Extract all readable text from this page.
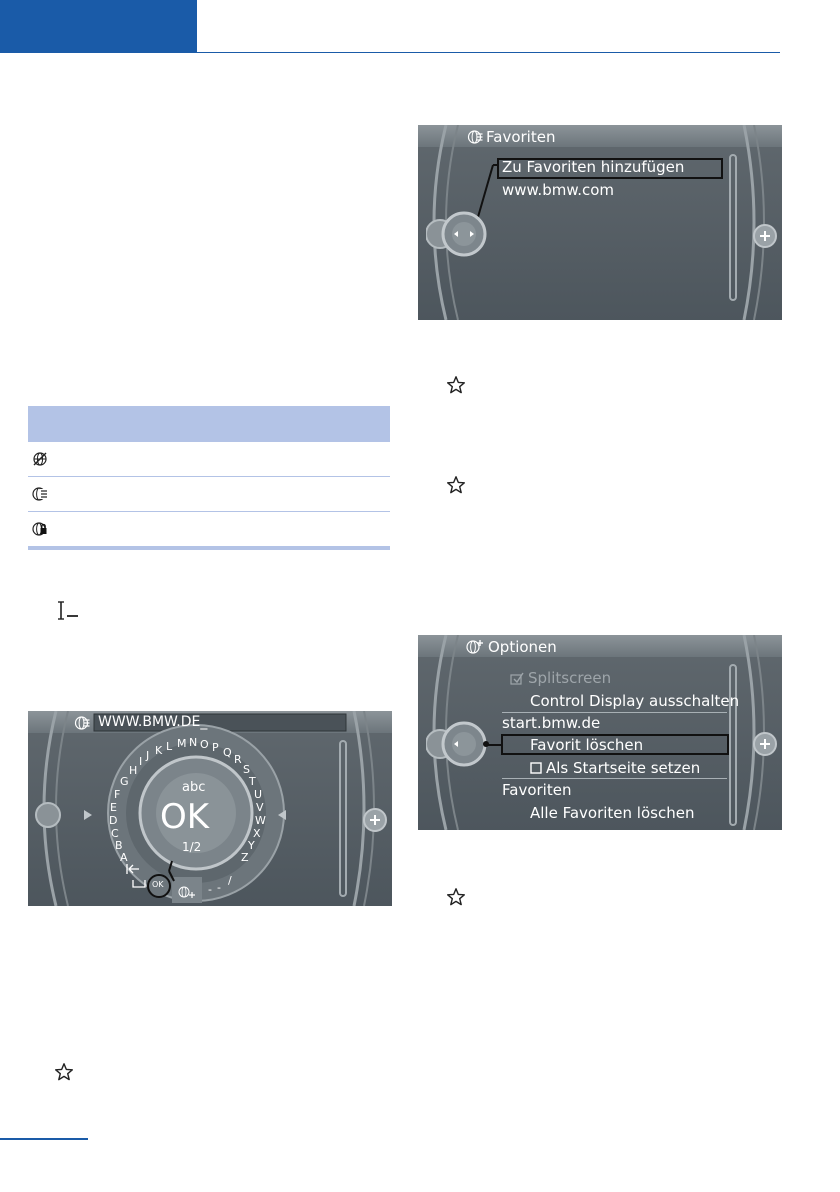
Favoriten
Zu Favoriten hinzufügen
www.bmw.com
WWW.BMW.DE_
abc
OK
1/2
OK
A
B
C
D
E
F
G
H
I J K L M N O P Q
R
S
T
U
V
W
X
Y
Z
- -
/
Optionen
Splitscreen
Control Display ausschalten
start.bmw.de
Favorit löschen
Als Startseite setzen
Favoriten
Alle Favoriten löschen
